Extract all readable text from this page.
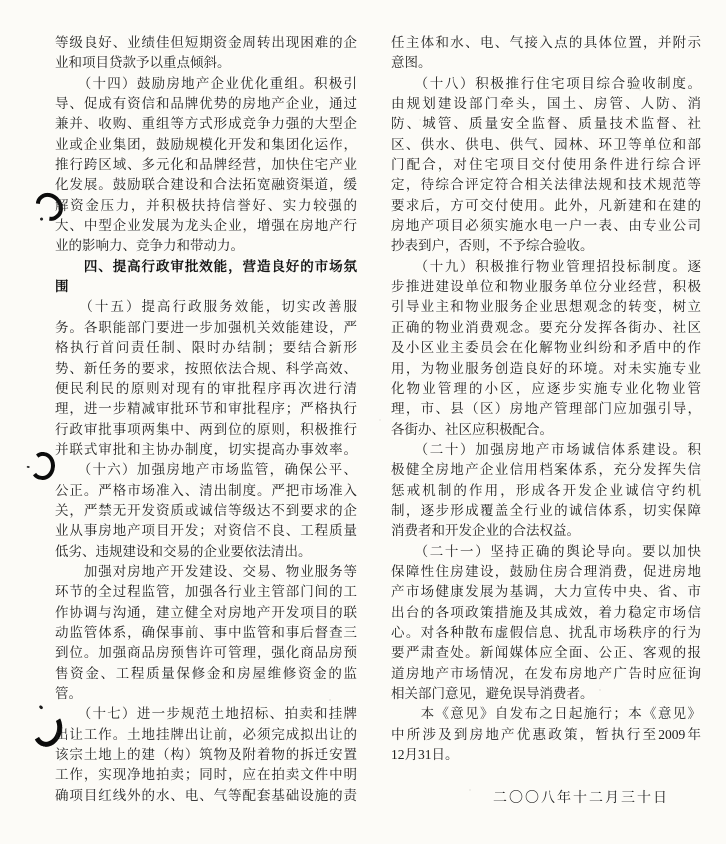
等级良好、业绩佳但短期资金周转出现困难的企
业和项目贷款予以重点倾斜。
　　（十四）鼓励房地产企业优化重组。积极引
导、促成有资信和品牌优势的房地产企业，通过
兼并、收购、重组等方式形成竞争力强的大型企
业或企业集团，鼓励规模化开发和集团化运作，
推行跨区域、多元化和品牌经营，加快住宅产业
化发展。鼓励联合建设和合法拓宽融资渠道，缓
解资金压力，并积极扶持信誉好、实力较强的
大、中型企业发展为龙头企业，增强在房地产行
业的影响力、竞争力和带动力。
　　四、提高行政审批效能，营造良好的市场氛
围
　　（十五）提高行政服务效能，切实改善服
务。各职能部门要进一步加强机关效能建设，严
格执行首问责任制、限时办结制；要结合新形
势、新任务的要求，按照依法合规、科学高效、
便民利民的原则对现有的审批程序再次进行清
理，进一步精减审批环节和审批程序；严格执行
行政审批事项两集中、两到位的原则，积极推行
并联式审批和主协办制度，切实提高办事效率。
　　（十六）加强房地产市场监管，确保公平、
公正。严格市场准入、清出制度。严把市场准入
关，严禁无开发资质或诚信等级达不到要求的企
业从事房地产项目开发；对资信不良、工程质量
低劣、违规建设和交易的企业要依法清出。
　　加强对房地产开发建设、交易、物业服务等
环节的全过程监管，加强各行业主管部门间的工
作协调与沟通，建立健全对房地产开发项目的联
动监管体系，确保事前、事中监管和事后督查三
到位。加强商品房预售许可管理，强化商品房预
售资金、工程质量保修金和房屋维修资金的监
管。
　　（十七）进一步规范土地招标、拍卖和挂牌
出让工作。土地挂牌出让前，必须完成拟出让的
该宗土地上的建（构）筑物及附着物的拆迁安置
工作，实现净地拍卖；同时，应在拍卖文件中明
确项目红线外的水、电、气等配套基础设施的责
任主体和水、电、气接入点的具体位置，并附示
意图。
　　（十八）积极推行住宅项目综合验收制度。
由规划建设部门牵头，国土、房管、人防、消
防、城管、质量安全监督、质量技术监督、社
区、供水、供电、供气、园林、环卫等单位和部
门配合，对住宅项目交付使用条件进行综合评
定，待综合评定符合相关法律法规和技术规范等
要求后，方可交付使用。此外，凡新建和在建的
房地产项目必须实施水电一户一表、由专业公司
抄表到户，否则，不予综合验收。
　　（十九）积极推行物业管理招投标制度。逐
步推进建设单位和物业服务单位分业经营，积极
引导业主和物业服务企业思想观念的转变，树立
正确的物业消费观念。要充分发挥各街办、社区
及小区业主委员会在化解物业纠纷和矛盾中的作
用，为物业服务创造良好的环境。对未实施专业
化物业管理的小区，应逐步实施专业化物业管
理，市、县（区）房地产管理部门应加强引导，
各街办、社区应积极配合。
　　（二十）加强房地产市场诚信体系建设。积
极健全房地产企业信用档案体系，充分发挥失信
惩戒机制的作用，形成各开发企业诚信守约机
制，逐步形成覆盖全行业的诚信体系，切实保障
消费者和开发企业的合法权益。
　　（二十一）坚持正确的舆论导向。要以加快
保障性住房建设，鼓励住房合理消费，促进房地
产市场健康发展为基调，大力宣传中央、省、市
出台的各项政策措施及其成效，着力稳定市场信
心。对各种散布虚假信息、扰乱市场秩序的行为
要严肃查处。新闻媒体应全面、公正、客观的报
道房地产市场情况，在发布房地产广告时应征询
相关部门意见，避免误导消费者。
　　本《意见》自发布之日起施行；本《意见》
中所涉及到房地产优惠政策，暂执行至2009年
12月31日。
二〇〇八年十二月三十日
